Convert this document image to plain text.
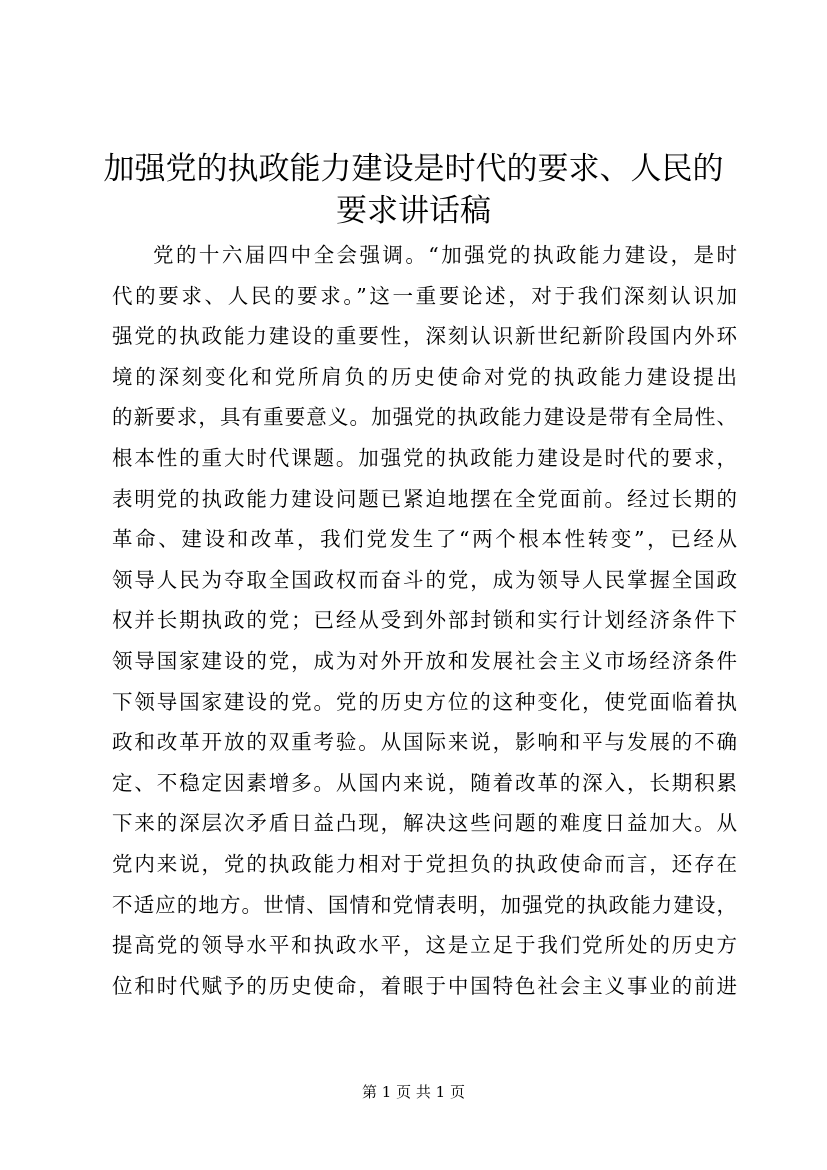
加强党的执政能力建设是时代的要求、人民的
要求讲话稿
党的十六届四中全会强调。“加强党的执政能力建设，是时
代的要求、人民的要求。”这一重要论述，对于我们深刻认识加
强党的执政能力建设的重要性，深刻认识新世纪新阶段国内外环
境的深刻变化和党所肩负的历史使命对党的执政能力建设提出
的新要求，具有重要意义。加强党的执政能力建设是带有全局性、
根本性的重大时代课题。加强党的执政能力建设是时代的要求，
表明党的执政能力建设问题已紧迫地摆在全党面前。经过长期的
革命、建设和改革，我们党发生了“两个根本性转变”，已经从
领导人民为夺取全国政权而奋斗的党，成为领导人民掌握全国政
权并长期执政的党；已经从受到外部封锁和实行计划经济条件下
领导国家建设的党，成为对外开放和发展社会主义市场经济条件
下领导国家建设的党。党的历史方位的这种变化，使党面临着执
政和改革开放的双重考验。从国际来说，影响和平与发展的不确
定、不稳定因素增多。从国内来说，随着改革的深入，长期积累
下来的深层次矛盾日益凸现，解决这些问题的难度日益加大。从
党内来说，党的执政能力相对于党担负的执政使命而言，还存在
不适应的地方。世情、国情和党情表明，加强党的执政能力建设，
提高党的领导水平和执政水平，这是立足于我们党所处的历史方
位和时代赋予的历史使命，着眼于中国特色社会主义事业的前进
第 1 页 共 1 页
